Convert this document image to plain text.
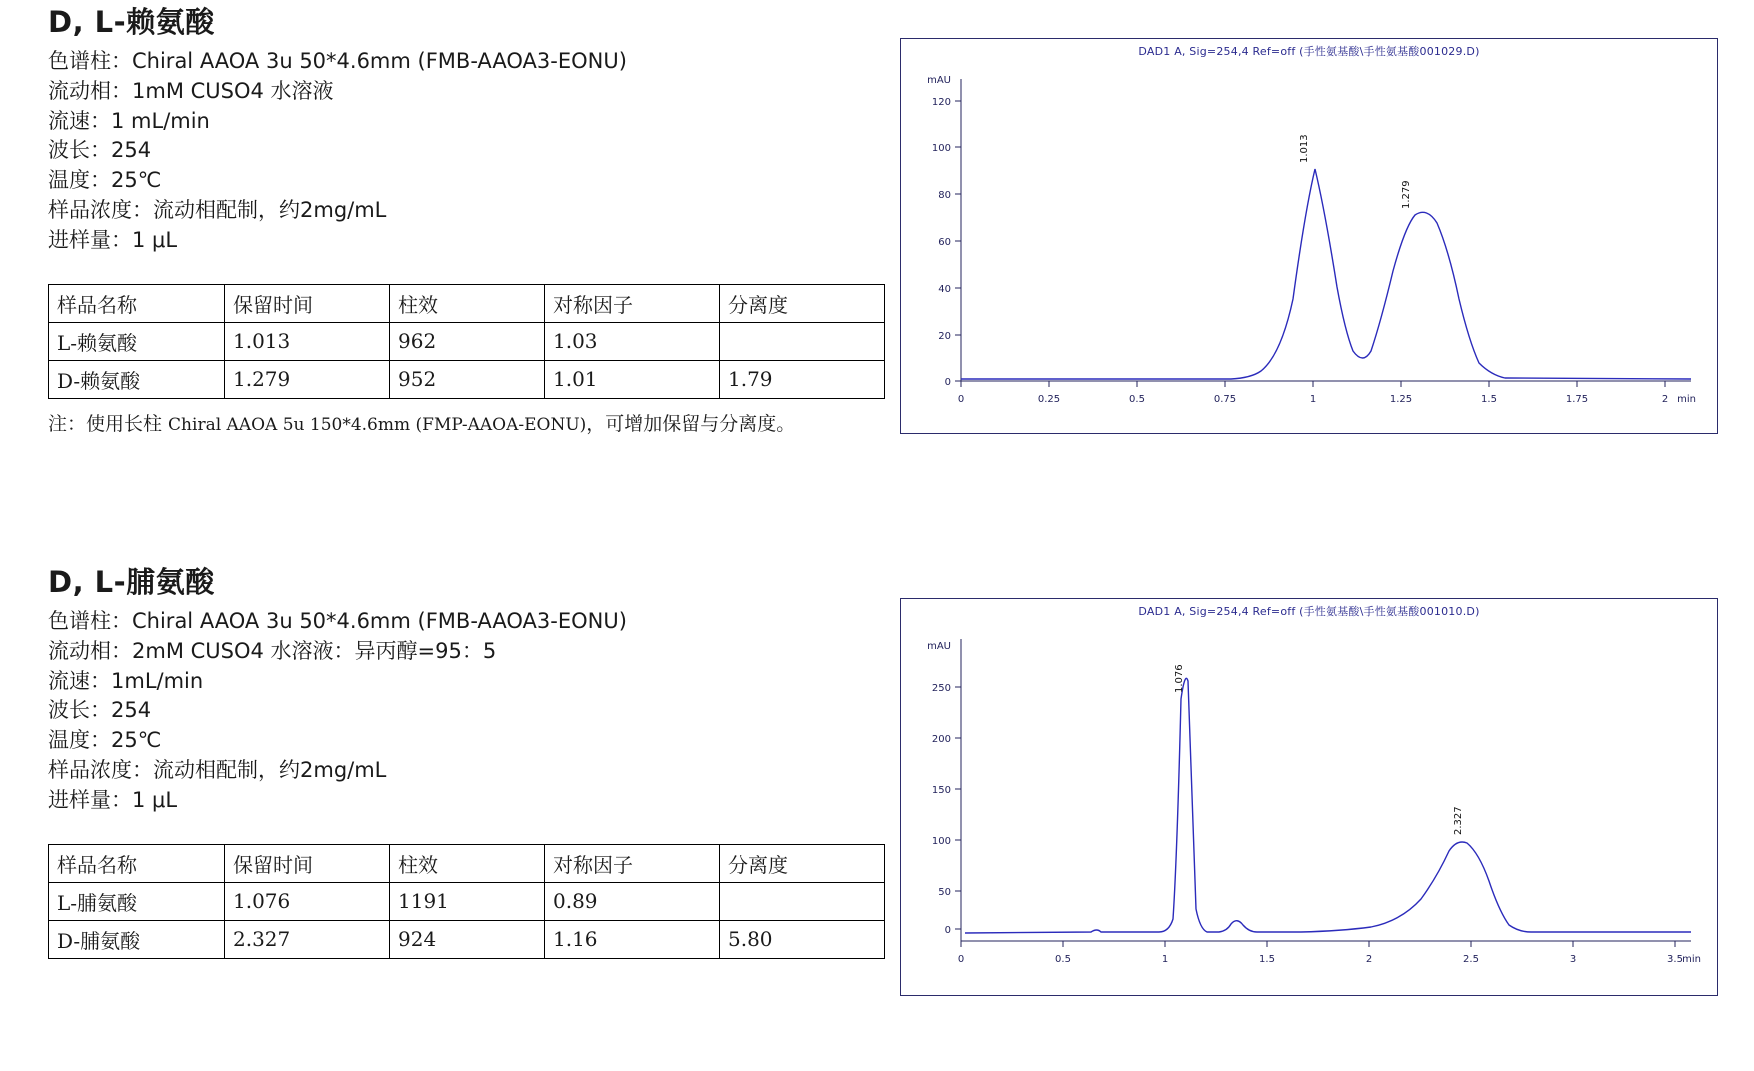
D, L-赖氨酸

色谱柱：Chiral AAOA 3u 50*4.6mm (FMB-AAOA3-EONU)

流动相：1mM CUSO4 水溶液

流速：1 mL/min

波长：254

温度：25℃

样品浓度：流动相配制，约2mg/mL

进样量：1 μL

样品名称	保留时间	柱效	对称因子	分离度
L-赖氨酸	1.013	962	1.03	
D-赖氨酸	1.279	952	1.01	1.79

注：使用长柱 Chiral AAOA 5u 150*4.6mm (FMP-AAOA-EONU)，可增加保留与分离度。

DAD1 A, Sig=254,4 Ref=off (手性氨基酸\手性氨基酸001029.D)
120
100
80
60
40
20
0
mAU
0	0.25	0.5	0.75	1	1.25	1.5	1.75	2 min
1.013
1.279
D, L-脯氨酸

色谱柱：Chiral AAOA 3u 50*4.6mm (FMB-AAOA3-EONU)

流动相：2mM CUSO4 水溶液：异丙醇=95：5

流速：1mL/min

波长：254

温度：25℃

样品浓度：流动相配制，约2mg/mL

进样量：1 μL

样品名称	保留时间	柱效	对称因子	分离度
L-脯氨酸	1.076	1191	0.89	
D-脯氨酸	2.327	924	1.16	5.80
DAD1 A, Sig=254,4 Ref=off (手性氨基酸\手性氨基酸001010.D)
250
200
150
100
50
0
mAU
0	0.5	1	1.5	2	2.5	3	3.5 min
1.076
2.327
